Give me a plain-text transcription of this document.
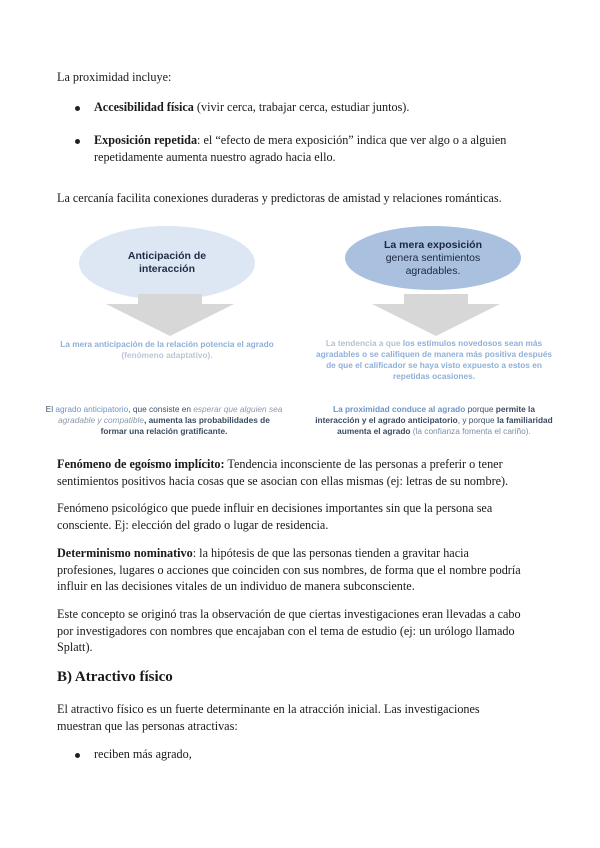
La proximidad incluye:
Accesibilidad física (vivir cerca, trabajar cerca, estudiar juntos).
Exposición repetida: el “efecto de mera exposición” indica que ver algo o a alguien repetidamente aumenta nuestro agrado hacia ello.
La cercanía facilita conexiones duraderas y predictoras de amistad y relaciones románticas.
Anticipación de interacción
La mera exposición
genera sentimientos agradables.
La mera anticipación de la relación potencia el agrado (fenómeno adaptativo).
La tendencia a que los estímulos novedosos sean más agradables o se califiquen de manera más positiva después de que el calificador se haya visto expuesto a estos en repetidas ocasiones.
El agrado anticipatorio, que consiste en esperar que alguien sea agradable y compatible, aumenta las probabilidades de formar una relación gratificante.
La proximidad conduce al agrado porque permite la interacción y el agrado anticipatorio, y porque la familiaridad aumenta el agrado (la confianza fomenta el cariño).
Fenómeno de egoísmo implícito: Tendencia inconsciente de las personas a preferir o tener sentimientos positivos hacia cosas que se asocian con ellas mismas (ej: letras de su nombre).
Fenómeno psicológico que puede influir en decisiones importantes sin que la persona sea consciente. Ej: elección del grado o lugar de residencia.
Determinismo nominativo: la hipótesis de que las personas tienden a gravitar hacia profesiones, lugares o acciones que coinciden con sus nombres, de forma que el nombre podría influir en las decisiones vitales de un individuo de manera subconsciente.
Este concepto se originó tras la observación de que ciertas investigaciones eran llevadas a cabo por investigadores con nombres que encajaban con el tema de estudio (ej: un urólogo llamado Splatt).
B) Atractivo físico
El atractivo físico es un fuerte determinante en la atracción inicial. Las investigaciones muestran que las personas atractivas:
reciben más agrado,
